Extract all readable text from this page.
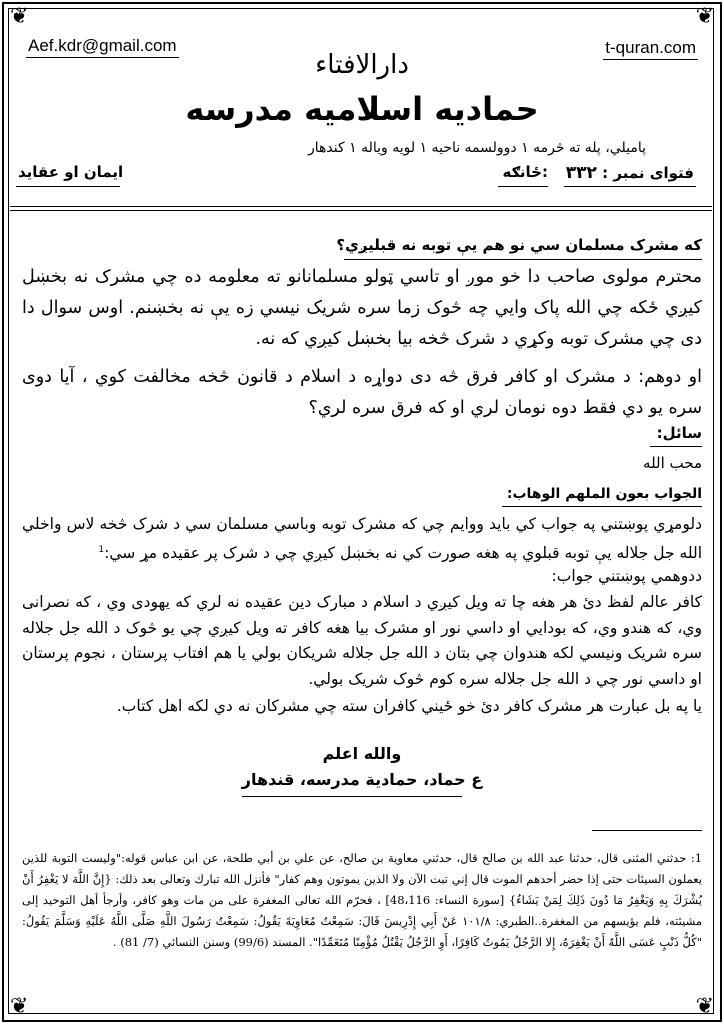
❦	❦
❦	❦
Aef.kdr@gmail.com	t-quran.com
دارالافتاء
حمادیه اسلامیه مدرسه
پامیلي، پله ته څرمه ۱ دوولسمه ناحیه ۱ لویه ویاله ۱ کندهار
فتوای نمبر : ۳۳۲
ځانګه:
ایمان او عقاید
که مشرک مسلمان سي نو هم يې توبه نه قبليږي؟
محترم مولوی صاحب دا خو موږ او تاسي ټولو مسلمانانو ته معلومه ده چي مشرک نه بخښل کيږي ځکه چي الله پاک وايي چه څوک زما سره شریک نیسي زه يې نه بخښنم. اوس سوال دا دی چي مشرک توبه وکړي د شرک څخه بیا بخښل کیږي که نه.
او دوهم: د مشرک او کافر فرق څه دی دواړه د اسلام د قانون څخه مخالفت کوي ، آیا دوی سره یو دي فقط دوه نومان لري او که فرق سره لري؟
سائل:
محب الله
الجواب بعون الملهم الوهاب:
دلومړي پوښتني په جواب کي باید ووایم چي که مشرک توبه وباسي مسلمان سي د شرک څخه لاس واخلي الله جل جلاله يې توبه قبلوي په هغه صورت کي نه بخښل کیږي چي د شرک پر عقیده مړ سي:$^1$
ددوهمي پوښتني جواب:
کافر عالم لفظ دئ هر هغه چا ته ویل کیږي د اسلام د مبارک دین عقیده نه لري که یهودی وي ، که نصرانی وي، که هندو وي، که بودایي او داسي نور او مشرک بیا هغه کافر ته ویل کیږي چي یو څوک د الله جل جلاله سره شریک ونیسي لکه هندوان چي بتان د الله جل جلاله شریکان بولي یا هم افتاب پرستان ، نجوم پرستان او داسي نور چي د الله جل جلاله سره کوم څوک شریک بولي.
یا په بل عبارت هر مشرک کافر دئ خو ځيني کافران سته چي مشرکان نه دي لکه اهل کتاب.
والله اعلم
ع حماد، حمادية مدرسه، قندهار
1: حدثني المثنى قال، حدثنا عبد الله بن صالح قال، حدثني معاوية بن صالح، عن علي بن أبي طلحة، عن ابن عباس قوله:"وليست التوبة للذين يعملون السيئات حتى إذا حضر أحدهم الموت قال إني تبت الآن ولا الذين يموتون وهم كفار" فأنزل الله تبارك وتعالى بعد ذلك: {إِنَّ اللَّهَ لا يَغْفِرُ أَنْ يُشْرَكَ بِهِ وَيَغْفِرُ مَا دُونَ ذَلِكَ لِمَنْ يَشَاءُ} [سورة النساء: 48،116] ، فحرّم الله تعالى المغفرة على من مات وهو كافر، وأرجأ أهل التوحيد إلى مشيئته، فلم يؤيسهم من المغفرة..الطبري: ۱۰۱/۸ عَنْ أَبِي إِدْرِيسَ قَالَ: سَمِعْتُ مُعَاوِيَةَ يَقُولُ: سَمِعْتُ رَسُولَ اللَّهِ صَلَّى اللَّهُ عَلَيْهِ وَسَلَّمَ يَقُولُ: "كُلُّ ذَنْبٍ عَسَى اللَّهُ أَنْ يَغْفِرَهُ، إِلا الرَّجُلُ يَمُوتُ كَافِرًا، أَوِ الرَّجُلُ يَقْتُلُ مُؤْمِنًا مُتَعَمِّدًا". المسند (99/6) وسنن النسائي (7/ 81) .
